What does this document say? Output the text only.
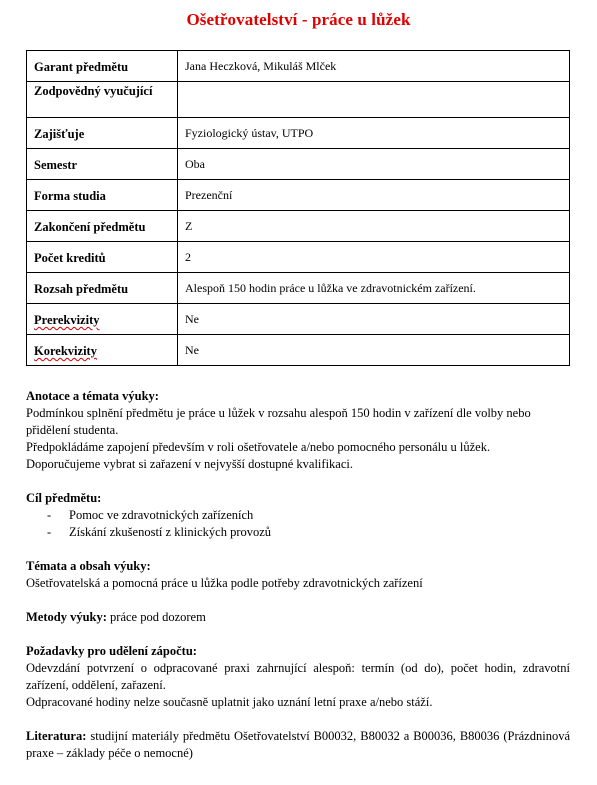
Ošetřovatelství - práce u lůžek
Garant předmětu	Jana Heczková, Mikuláš Mlček
Zodpovědný vyučující	
Zajišťuje	Fyziologický ústav, UTPO
Semestr	Oba
Forma studia	Prezenční
Zakončení předmětu	Z
Počet kreditů	2
Rozsah předmětu	Alespoň 150 hodin práce u lůžka ve zdravotnickém zařízení.
Prerekvizity	Ne
Korekvizity	Ne

Anotace a témata výuky:

Podmínkou splnění předmětu je práce u lůžek v rozsahu alespoň 150 hodin v zařízení dle volby nebo přidělení studenta.

Předpokládáme zapojení především v roli ošetřovatele a/nebo pomocného personálu u lůžek.

Doporučujeme vybrat si zařazení v nejvyšší dostupné kvalifikaci.

Cíl předmětu:

- Pomoc ve zdravotnických zařízeních
- Získání zkušeností z klinických provozů

Témata a obsah výuky:

Ošetřovatelská a pomocná práce u lůžka podle potřeby zdravotnických zařízení

Metody výuky: práce pod dozorem

Požadavky pro udělení zápočtu:

Odevzdání potvrzení o odpracované praxi zahrnující alespoň: termín (od do), počet hodin, zdravotní zařízení, oddělení, zařazení.

Odpracované hodiny nelze současně uplatnit jako uznání letní praxe a/nebo stáží.

Literatura: studijní materiály předmětu Ošetřovatelství B00032, B80032 a B00036, B80036 (Prázdninová praxe – základy péče o nemocné)
